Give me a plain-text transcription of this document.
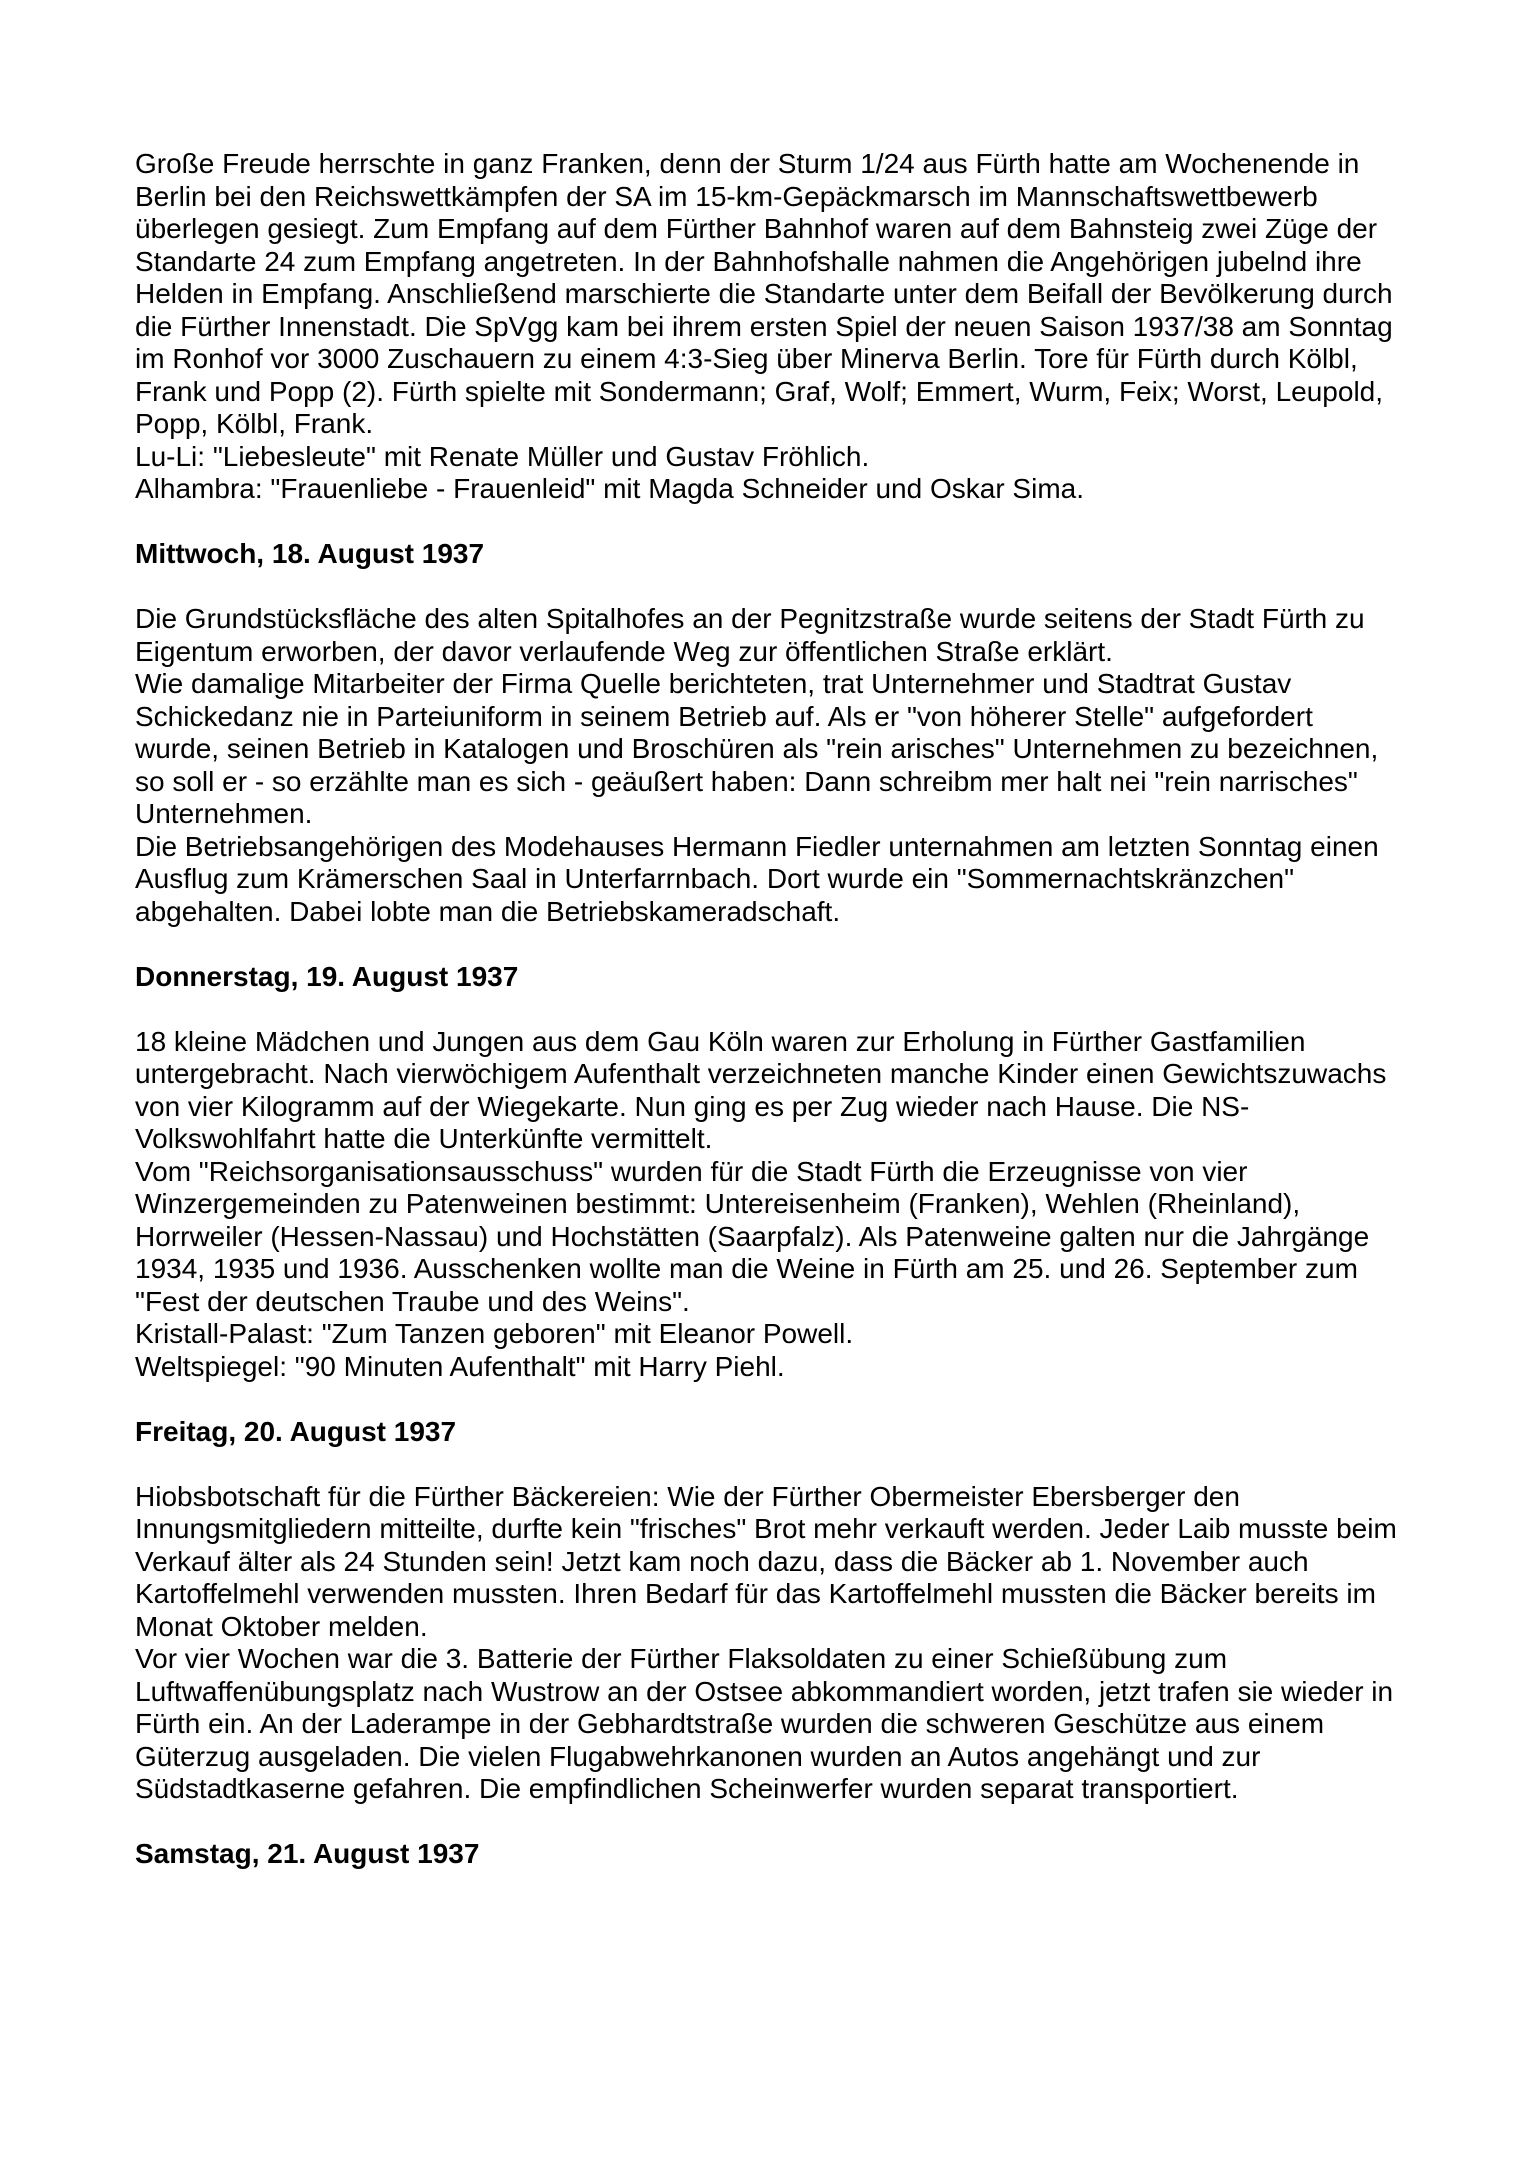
Große Freude herrschte in ganz Franken, denn der Sturm 1/24 aus Fürth hatte am Wochenende in Berlin bei den Reichswettkämpfen der SA im 15-km-Gepäckmarsch im Mannschaftswettbewerb überlegen gesiegt. Zum Empfang auf dem Fürther Bahnhof waren auf dem Bahnsteig zwei Züge der Standarte 24 zum Empfang angetreten. In der Bahnhofshalle nahmen die Angehörigen jubelnd ihre Helden in Empfang. Anschließend marschierte die Standarte unter dem Beifall der Bevölkerung durch die Fürther Innenstadt. Die SpVgg kam bei ihrem ersten Spiel der neuen Saison 1937/38 am Sonntag im Ronhof vor 3000 Zuschauern zu einem 4:3-Sieg über Minerva Berlin. Tore für Fürth durch Kölbl, Frank und Popp (2). Fürth spielte mit Sondermann; Graf, Wolf; Emmert, Wurm, Feix; Worst, Leupold, Popp, Kölbl, Frank.

Lu-Li: "Liebesleute" mit Renate Müller und Gustav Fröhlich.

Alhambra: "Frauenliebe - Frauenleid" mit Magda Schneider und Oskar Sima.

Mittwoch, 18. August 1937

Die Grundstücksfläche des alten Spitalhofes an der Pegnitzstraße wurde seitens der Stadt Fürth zu Eigentum erworben, der davor verlaufende Weg zur öffentlichen Straße erklärt.

Wie damalige Mitarbeiter der Firma Quelle berichteten, trat Unternehmer und Stadtrat Gustav Schickedanz nie in Parteiuniform in seinem Betrieb auf. Als er "von höherer Stelle" aufgefordert wurde, seinen Betrieb in Katalogen und Broschüren als "rein arisches" Unternehmen zu bezeichnen, so soll er - so erzählte man es sich - geäußert haben: Dann schreibm mer halt nei "rein narrisches" Unternehmen.

Die Betriebsangehörigen des Modehauses Hermann Fiedler unternahmen am letzten Sonntag einen Ausflug zum Krämerschen Saal in Unterfarrnbach. Dort wurde ein "Sommernachtskränzchen" abgehalten. Dabei lobte man die Betriebskameradschaft.

Donnerstag, 19. August 1937

18 kleine Mädchen und Jungen aus dem Gau Köln waren zur Erholung in Fürther Gastfamilien untergebracht. Nach vierwöchigem Aufenthalt verzeichneten manche Kinder einen Gewichtszuwachs von vier Kilogramm auf der Wiegekarte. Nun ging es per Zug wieder nach Hause. Die NS-Volkswohlfahrt hatte die Unterkünfte vermittelt.

Vom "Reichsorganisationsausschuss" wurden für die Stadt Fürth die Erzeugnisse von vier Winzergemeinden zu Patenweinen bestimmt: Untereisenheim (Franken), Wehlen (Rheinland), Horrweiler (Hessen-Nassau) und Hochstätten (Saarpfalz). Als Patenweine galten nur die Jahrgänge 1934, 1935 und 1936. Ausschenken wollte man die Weine in Fürth am 25. und 26. September zum "Fest der deutschen Traube und des Weins".

Kristall-Palast: "Zum Tanzen geboren" mit Eleanor Powell.

Weltspiegel: "90 Minuten Aufenthalt" mit Harry Piehl.

Freitag, 20. August 1937

Hiobsbotschaft für die Fürther Bäckereien: Wie der Fürther Obermeister Ebersberger den Innungsmitgliedern mitteilte, durfte kein "frisches" Brot mehr verkauft werden. Jeder Laib musste beim Verkauf älter als 24 Stunden sein! Jetzt kam noch dazu, dass die Bäcker ab 1. November auch Kartoffelmehl verwenden mussten. Ihren Bedarf für das Kartoffelmehl mussten die Bäcker bereits im Monat Oktober melden.

Vor vier Wochen war die 3. Batterie der Fürther Flaksoldaten zu einer Schießübung zum Luftwaffenübungsplatz nach Wustrow an der Ostsee abkommandiert worden, jetzt trafen sie wieder in Fürth ein. An der Laderampe in der Gebhardtstraße wurden die schweren Geschütze aus einem Güterzug ausgeladen. Die vielen Flugabwehrkanonen wurden an Autos angehängt und zur Südstadtkaserne gefahren. Die empfindlichen Scheinwerfer wurden separat transportiert.

Samstag, 21. August 1937
